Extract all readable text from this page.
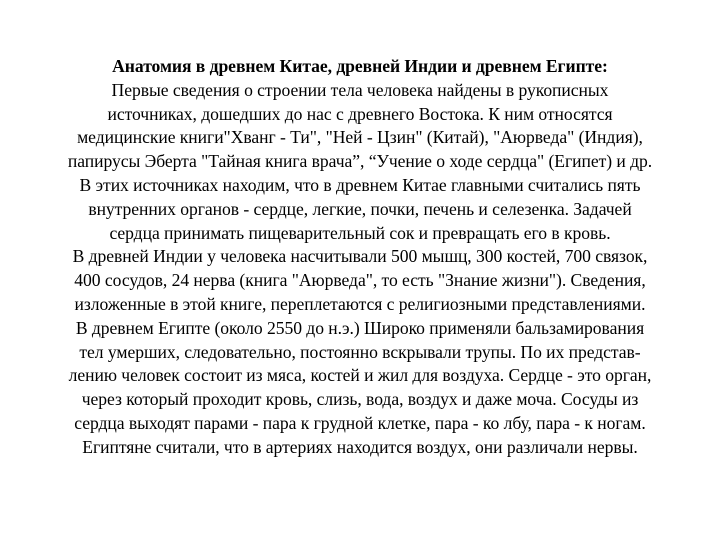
Анатомия в древнем Китае, древней Индии и древнем Египте:
Первые сведения о строении тела человека найдены в рукописных
источниках, дошедших до нас с древнего Востока. К ним относятся
медицинские книги"Хванг - Ти", "Ней - Цзин" (Китай), "Аюрведа" (Индия),
папирусы Эберта "Тайная книга врача”, “Учение о ходе сердца" (Египет) и др.
В этих источниках находим, что в древнем Китае главными считались пять
внутренних органов - сердце, легкие, почки, печень и селезенка. Задачей
сердца принимать пищеварительный сок и превращать его в кровь.
В древней Индии у человека насчитывали 500 мышц, 300 костей, 700 связок,
400 сосудов, 24 нерва (книга "Аюрведа", то есть "Знание жизни"). Сведения,
изложенные в этой книге, переплетаются с религиозными представлениями.
В древнем Египте (около 2550 до н.э.) Широко применяли бальзамирования
тел умерших, следовательно, постоянно вскрывали трупы. По их представ-
лению человек состоит из мяса, костей и жил для воздуха. Сердце - это орган,
через который проходит кровь, слизь, вода, воздух и даже моча. Сосуды из
сердца выходят парами - пара к грудной клетке, пара - ко лбу, пара - к ногам.
Египтяне считали, что в артериях находится воздух, они различали нервы.
